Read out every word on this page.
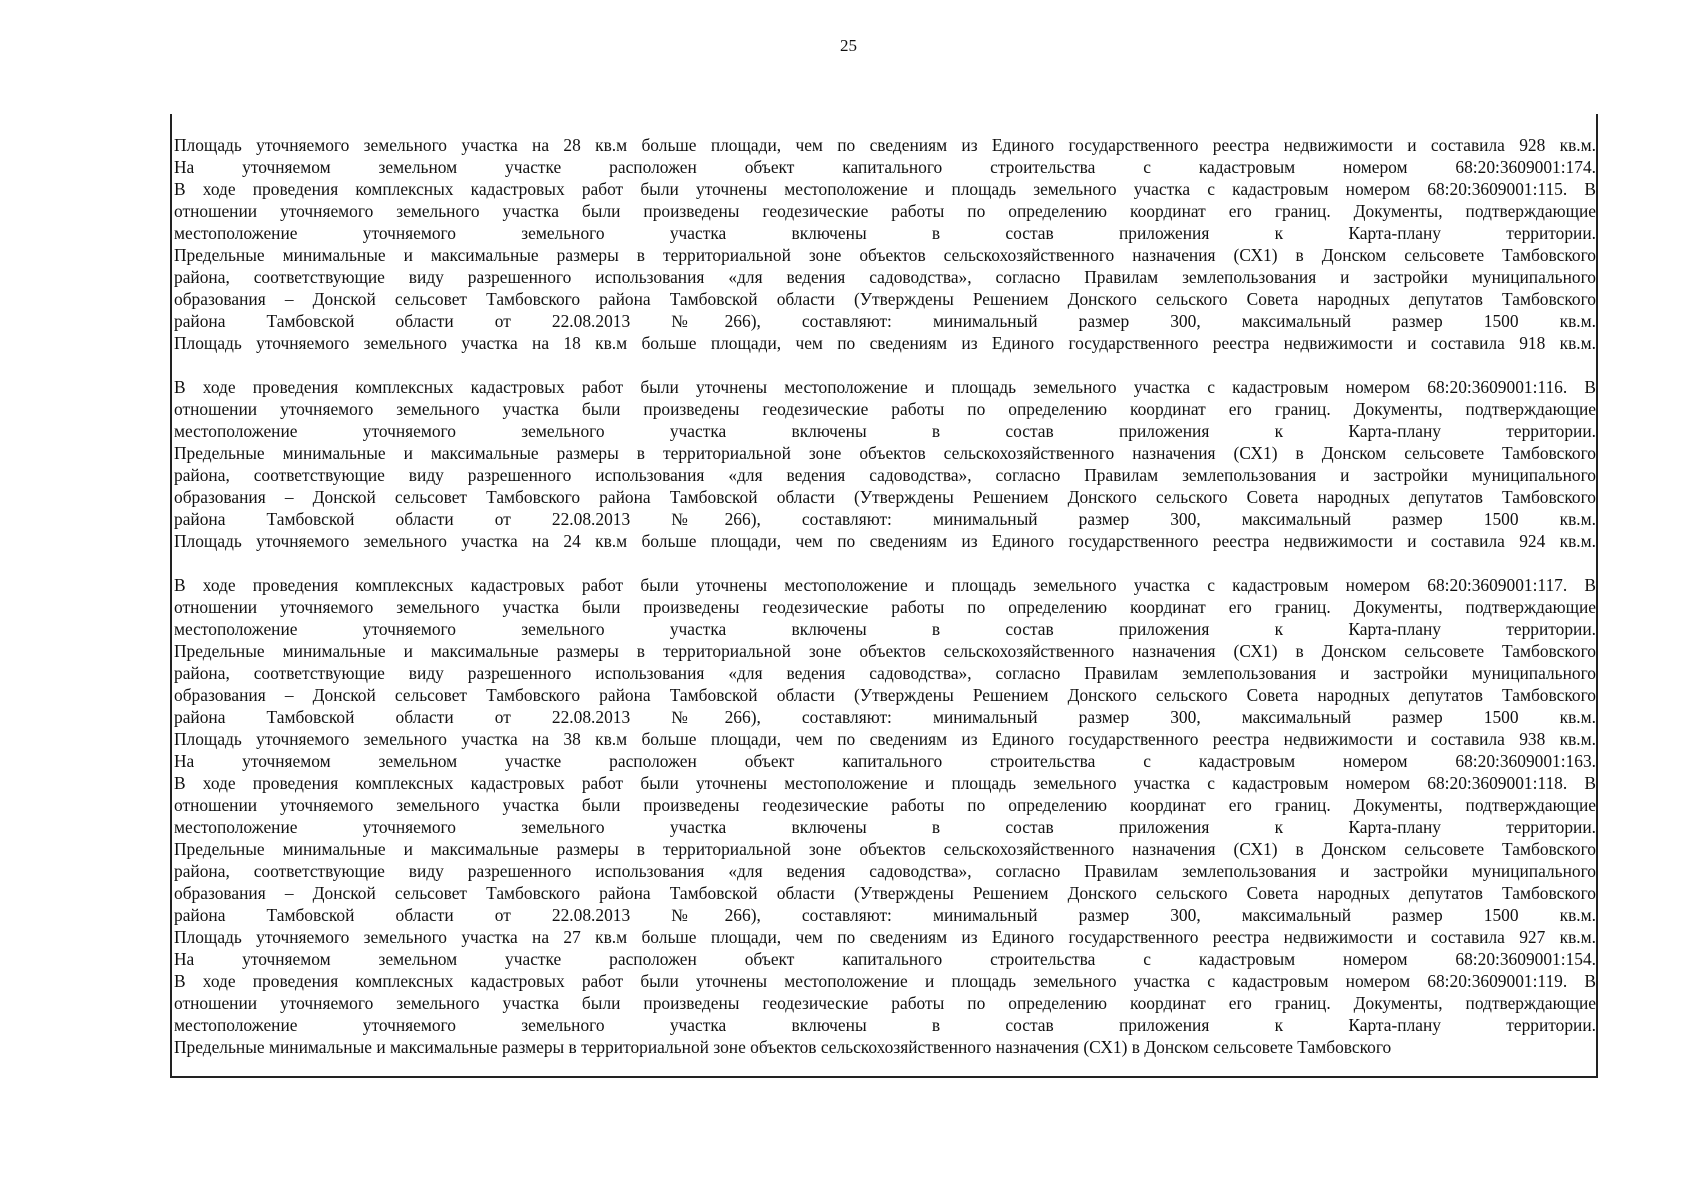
25
Площадь уточняемого земельного участка на 28 кв.м больше площади, чем по сведениям из Единого государственного реестра недвижимости и составила 928 кв.м.
На уточняемом земельном участке расположен объект капитального строительства с кадастровым номером 68:20:3609001:174.
В ходе проведения комплексных кадастровых работ были уточнены местоположение и площадь земельного участка с кадастровым номером 68:20:3609001:115. В
отношении уточняемого земельного участка были произведены геодезические работы по определению координат его границ. Документы, подтверждающие
местоположение уточняемого земельного участка включены в состав приложения к Карта-плану территории.
Предельные минимальные и максимальные размеры в территориальной зоне объектов сельскохозяйственного назначения (СХ1) в Донском сельсовете Тамбовского
района, соответствующие виду разрешенного использования «для ведения садоводства», согласно Правилам землепользования и застройки муниципального
образования – Донской сельсовет Тамбовского района Тамбовской области (Утверждены Решением Донского сельского Совета народных депутатов Тамбовского
района Тамбовской области от 22.08.2013 №266), составляют: минимальный размер 300, максимальный размер 1500 кв.м.
Площадь уточняемого земельного участка на 18 кв.м больше площади, чем по сведениям из Единого государственного реестра недвижимости и составила 918 кв.м.

В ходе проведения комплексных кадастровых работ были уточнены местоположение и площадь земельного участка с кадастровым номером 68:20:3609001:116. В
отношении уточняемого земельного участка были произведены геодезические работы по определению координат его границ. Документы, подтверждающие
местоположение уточняемого земельного участка включены в состав приложения к Карта-плану территории.
Предельные минимальные и максимальные размеры в территориальной зоне объектов сельскохозяйственного назначения (СХ1) в Донском сельсовете Тамбовского
района, соответствующие виду разрешенного использования «для ведения садоводства», согласно Правилам землепользования и застройки муниципального
образования – Донской сельсовет Тамбовского района Тамбовской области (Утверждены Решением Донского сельского Совета народных депутатов Тамбовского
района Тамбовской области от 22.08.2013 №266), составляют: минимальный размер 300, максимальный размер 1500 кв.м.
Площадь уточняемого земельного участка на 24 кв.м больше площади, чем по сведениям из Единого государственного реестра недвижимости и составила 924 кв.м.

В ходе проведения комплексных кадастровых работ были уточнены местоположение и площадь земельного участка с кадастровым номером 68:20:3609001:117. В
отношении уточняемого земельного участка были произведены геодезические работы по определению координат его границ. Документы, подтверждающие
местоположение уточняемого земельного участка включены в состав приложения к Карта-плану территории.
Предельные минимальные и максимальные размеры в территориальной зоне объектов сельскохозяйственного назначения (СХ1) в Донском сельсовете Тамбовского
района, соответствующие виду разрешенного использования «для ведения садоводства», согласно Правилам землепользования и застройки муниципального
образования – Донской сельсовет Тамбовского района Тамбовской области (Утверждены Решением Донского сельского Совета народных депутатов Тамбовского
района Тамбовской области от 22.08.2013 №266), составляют: минимальный размер 300, максимальный размер 1500 кв.м.
Площадь уточняемого земельного участка на 38 кв.м больше площади, чем по сведениям из Единого государственного реестра недвижимости и составила 938 кв.м.
На уточняемом земельном участке расположен объект капитального строительства с кадастровым номером 68:20:3609001:163.
В ходе проведения комплексных кадастровых работ были уточнены местоположение и площадь земельного участка с кадастровым номером 68:20:3609001:118. В
отношении уточняемого земельного участка были произведены геодезические работы по определению координат его границ. Документы, подтверждающие
местоположение уточняемого земельного участка включены в состав приложения к Карта-плану территории.
Предельные минимальные и максимальные размеры в территориальной зоне объектов сельскохозяйственного назначения (СХ1) в Донском сельсовете Тамбовского
района, соответствующие виду разрешенного использования «для ведения садоводства», согласно Правилам землепользования и застройки муниципального
образования – Донской сельсовет Тамбовского района Тамбовской области (Утверждены Решением Донского сельского Совета народных депутатов Тамбовского
района Тамбовской области от 22.08.2013 №266), составляют: минимальный размер 300, максимальный размер 1500 кв.м.
Площадь уточняемого земельного участка на 27 кв.м больше площади, чем по сведениям из Единого государственного реестра недвижимости и составила 927 кв.м.
На уточняемом земельном участке расположен объект капитального строительства с кадастровым номером 68:20:3609001:154.
В ходе проведения комплексных кадастровых работ были уточнены местоположение и площадь земельного участка с кадастровым номером 68:20:3609001:119. В
отношении уточняемого земельного участка были произведены геодезические работы по определению координат его границ. Документы, подтверждающие
местоположение уточняемого земельного участка включены в состав приложения к Карта-плану территории.
Предельные минимальные и максимальные размеры в территориальной зоне объектов сельскохозяйственного назначения (СХ1) в Донском сельсовете Тамбовского
